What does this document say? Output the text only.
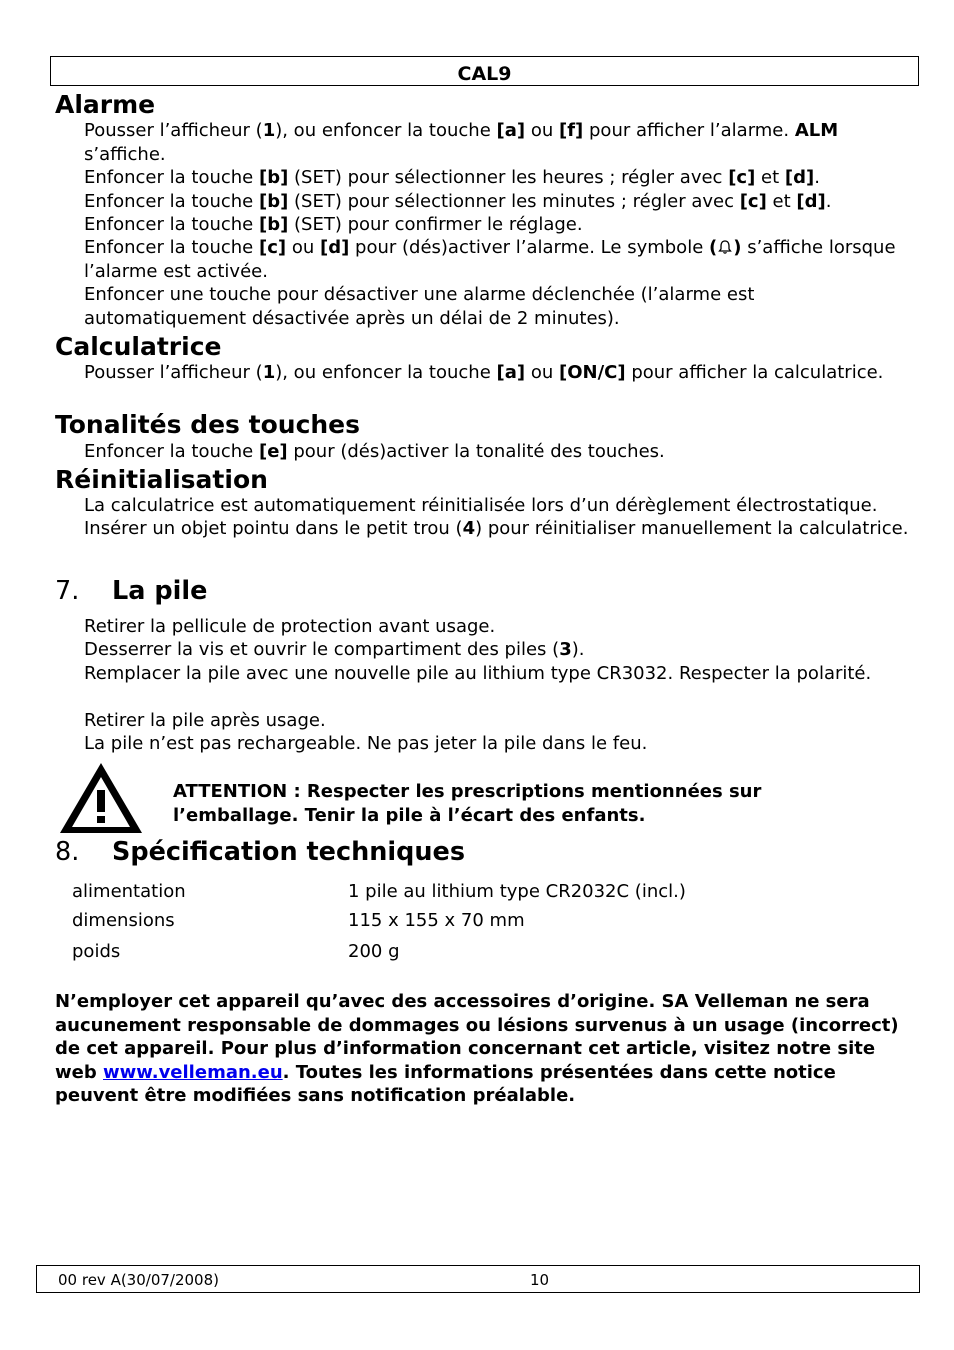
CAL9
Alarme

Pousser l’afficheur (1), ou enfoncer la touche [a] ou [f] pour afficher l’alarme. ALM s’affiche.

Enfoncer la touche [b] (SET) pour sélectionner les heures ; régler avec [c] et [d].

Enfoncer la touche [b] (SET) pour sélectionner les minutes ; régler avec [c] et [d].

Enfoncer la touche [b] (SET) pour confirmer le réglage.

Enfoncer la touche [c] ou [d] pour (dés)activer l’alarme. Le symbole ( ) s’affiche lorsque l’alarme est activée.

Enfoncer une touche pour désactiver une alarme déclenchée (l’alarme est automatiquement désactivée après un délai de 2 minutes).

Calculatrice

Pousser l’afficheur (1), ou enfoncer la touche [a] ou [ON/C] pour afficher la calculatrice.

Tonalités des touches

Enfoncer la touche [e] pour (dés)activer la tonalité des touches.

Réinitialisation

La calculatrice est automatiquement réinitialisée lors d’un dérèglement électrostatique.

Insérer un objet pointu dans le petit trou (4) pour réinitialiser manuellement la calculatrice.

7. La pile

Retirer la pellicule de protection avant usage.

Desserrer la vis et ouvrir le compartiment des piles (3).

Remplacer la pile avec une nouvelle pile au lithium type CR3032. Respecter la polarité.

Retirer la pile après usage.

La pile n’est pas rechargeable. Ne pas jeter la pile dans le feu.

ATTENTION : Respecter les prescriptions mentionnées sur l’emballage. Tenir la pile à l’écart des enfants.

8. Spécification techniques
alimentation	1 pile au lithium type CR2032C (incl.)
dimensions	115 x 155 x 70 mm
poids	200 g

N’employer cet appareil qu’avec des accessoires d’origine. SA Velleman ne sera aucunement responsable de dommages ou lésions survenus à un usage (incorrect) de cet appareil. Pour plus d’information concernant cet article, visitez notre site web www.velleman.eu. Toutes les informations présentées dans cette notice peuvent être modifiées sans notification préalable.

00 rev A(30/07/2008)	10
